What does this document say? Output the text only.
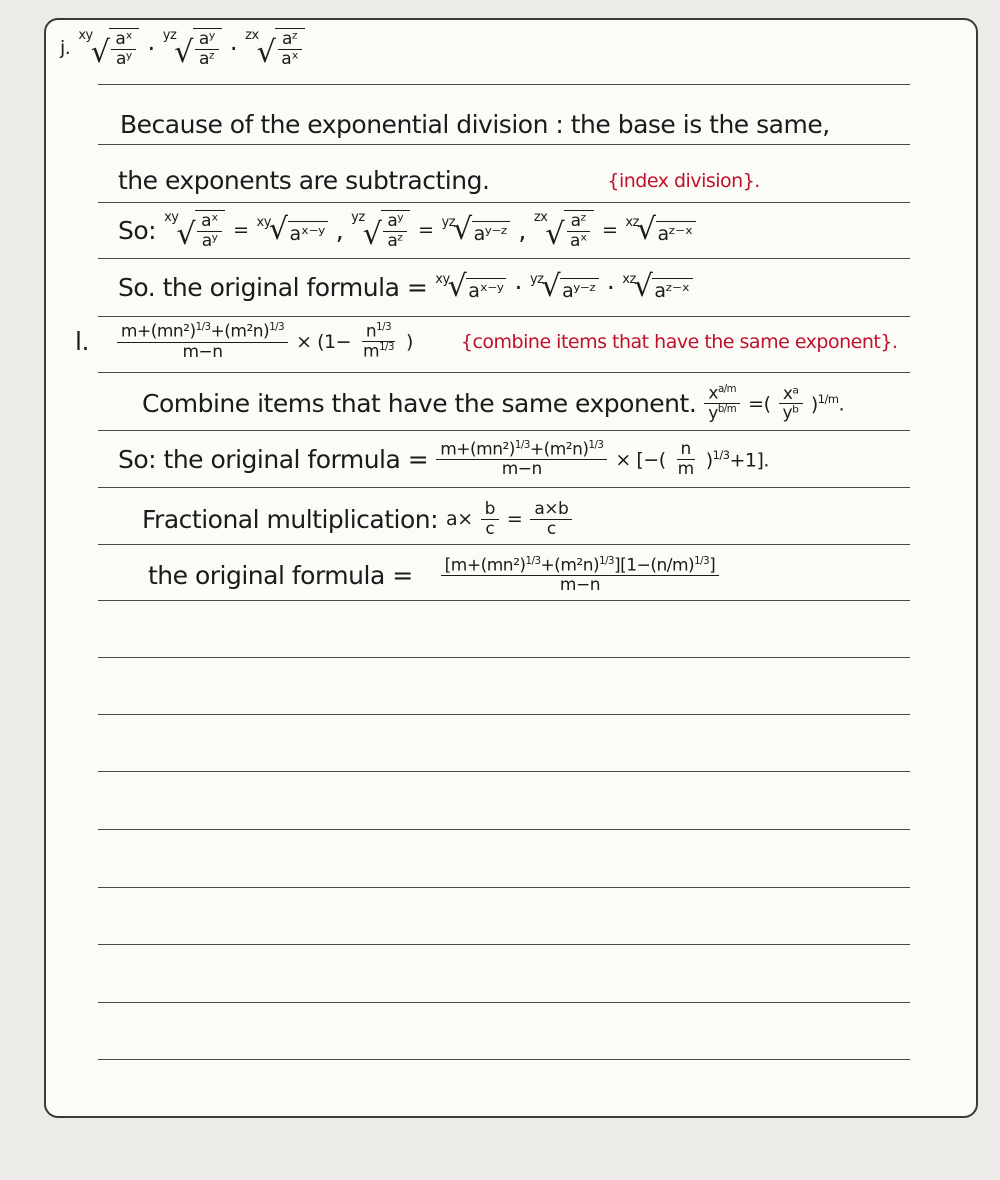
j.
xy
√ $\frac{\text{aˣ}}{\text{aʸ}}$ · yz
√ $\frac{\text{aʸ}}{\text{aᶻ}}$ · zx
√ $\frac{\text{aᶻ}}{\text{aˣ}}$
Because of the exponential division : the base is the same,
the exponents are subtracting.	{index division}.
So: xy
√ $\frac{\text{aˣ}}{\text{aʸ}}$ = xy
√ aˣ⁻ʸ , yz
√ $\frac{\text{aʸ}}{\text{aᶻ}}$ = yz
√ aʸ⁻ᶻ , zx
√ $\frac{\text{aᶻ}}{\text{aˣ}}$ = xz
√ aᶻ⁻ˣ
So. the original formula = xy
√ aˣ⁻ʸ · yz
√ aʸ⁻ᶻ · xz
√ aᶻ⁻ˣ
l. $\frac{m+(mn^2)^{1/3}+(m^2n)^{1/3}}{m-n} \times (1- \frac{n^{1/3}}{m^{1/3}}$ )	{combine items that have the same exponent}.
Combine items that have the same exponent. $\frac{x^{a/m}}{y^{b/m}}$ =( $\frac{\text{xᵃ}}{\text{yᵇ}} )^{1/m}$.
So: the original formula = $\frac{m+(mn^2)^{1/3}+(m^2n)^{1/3}}{m-n}$ × [−( $\frac{n}{m} )^{1/3}+1$].
Fractional multiplication: $a\times \frac{b}{c} = \frac{a\times b}{c}$
the original formula = $\frac{[m+(mn^2)^{1/3}+(m^2n)^{1/3}][1-(n/m)^{1/3}]}{m-n}$
